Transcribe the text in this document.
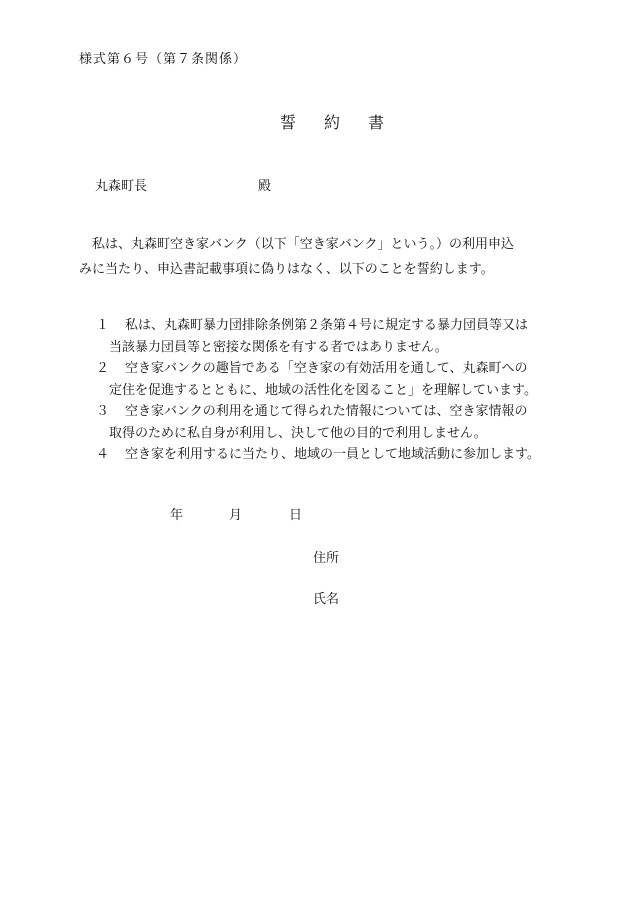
様式第６号（第７条関係）
誓 約 書
丸森町長	殿

私は、丸森町空き家バンク（以下「空き家バンク」という。）の利用申込

みに当たり、申込書記載事項に偽りはなく、以下のことを誓約します。

１	私は、丸森町暴力団排除条例第２条第４号に規定する暴力団員等又は
当該暴力団員等と密接な関係を有する者ではありません。
２	空き家バンクの趣旨である「空き家の有効活用を通して、丸森町への
定住を促進するとともに、地域の活性化を図ること」を理解しています。
３	空き家バンクの利用を通じて得られた情報については、空き家情報の
取得のために私自身が利用し、決して他の目的で利用しません。
４	空き家を利用するに当たり、地域の一員として地域活動に参加します。
年	月	日
住所
氏名
